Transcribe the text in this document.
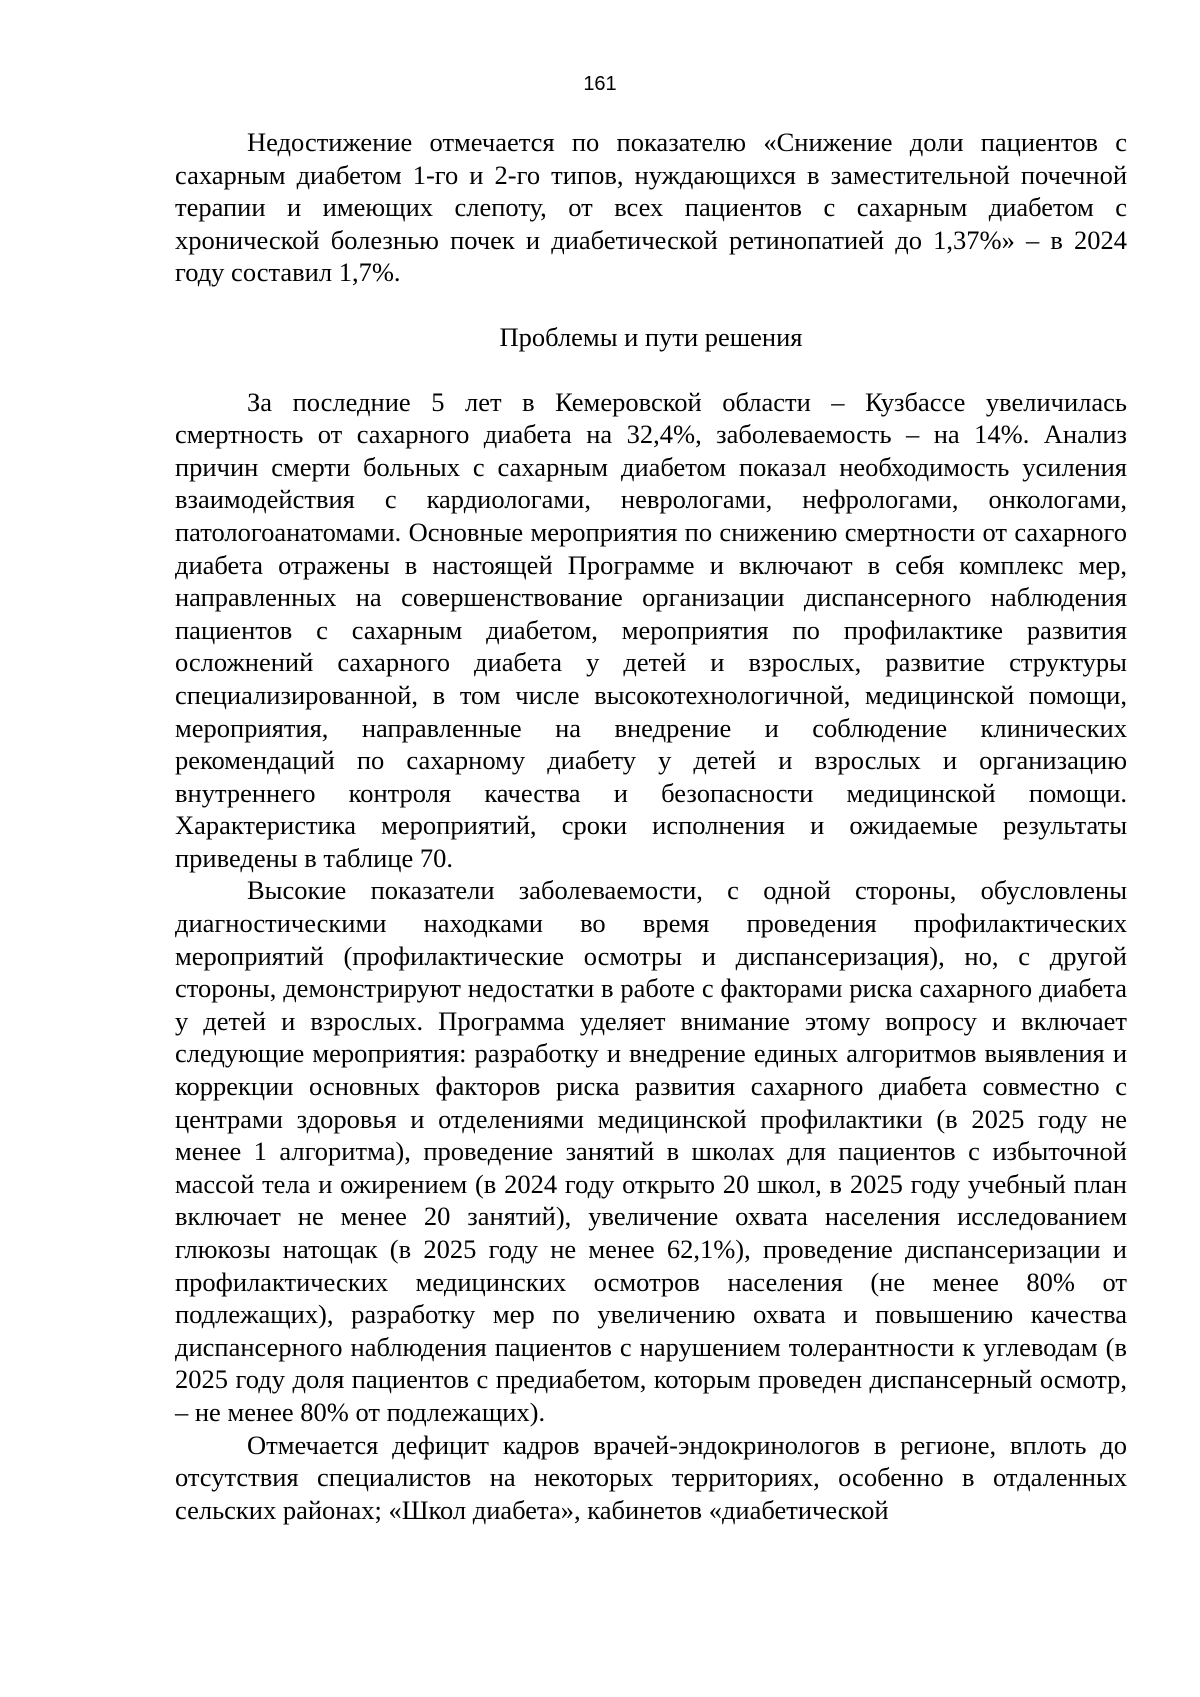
161

Недостижение отмечается по показателю «Снижение доли пациентов с сахарным диабетом 1-го и 2-го типов, нуждающихся в заместительной почечной терапии и имеющих слепоту, от всех пациентов с сахарным диабетом с хронической болезнью почек и диабетической ретинопатией до 1,37%» – в 2024 году составил 1,7%.

Проблемы и пути решения

За последние 5 лет в Кемеровской области – Кузбассе увеличилась смертность от сахарного диабета на 32,4%, заболеваемость – на 14%. Анализ причин смерти больных с сахарным диабетом показал необходимость усиления взаимодействия с кардиологами, неврологами, нефрологами, онкологами, патологоанатомами. Основные мероприятия по снижению смертности от сахарного диабета отражены в настоящей Программе и включают в себя комплекс мер, направленных на совершенствование организации диспансерного наблюдения пациентов с сахарным диабетом, мероприятия по профилактике развития осложнений сахарного диабета у детей и взрослых, развитие структуры специализированной, в том числе высокотехнологичной, медицинской помощи, мероприятия, направленные на внедрение и соблюдение клинических рекомендаций по сахарному диабету у детей и взрослых и организацию внутреннего контроля качества и безопасности медицинской помощи. Характеристика мероприятий, сроки исполнения и ожидаемые результаты приведены в таблице 70.

Высокие показатели заболеваемости, с одной стороны, обусловлены диагностическими находками во время проведения профилактических мероприятий (профилактические осмотры и диспансеризация), но, с другой стороны, демонстрируют недостатки в работе с факторами риска сахарного диабета у детей и взрослых. Программа уделяет внимание этому вопросу и включает следующие мероприятия: разработку и внедрение единых алгоритмов выявления и коррекции основных факторов риска развития сахарного диабета совместно с центрами здоровья и отделениями медицинской профилактики (в 2025 году не менее 1 алгоритма), проведение занятий в школах для пациентов с избыточной массой тела и ожирением (в 2024 году открыто 20 школ, в 2025 году учебный план включает не менее 20 занятий), увеличение охвата населения исследованием глюкозы натощак (в 2025 году не менее 62,1%), проведение диспансеризации и профилактических медицинских осмотров населения (не менее 80% от подлежащих), разработку мер по увеличению охвата и повышению качества диспансерного наблюдения пациентов с нарушением толерантности к углеводам (в 2025 году доля пациентов с предиабетом, которым проведен диспансерный осмотр, – не менее 80% от подлежащих).

Отмечается дефицит кадров врачей-эндокринологов в регионе, вплоть до отсутствия специалистов на некоторых территориях, особенно в отдаленных сельских районах; «Школ диабета», кабинетов «диабетической
